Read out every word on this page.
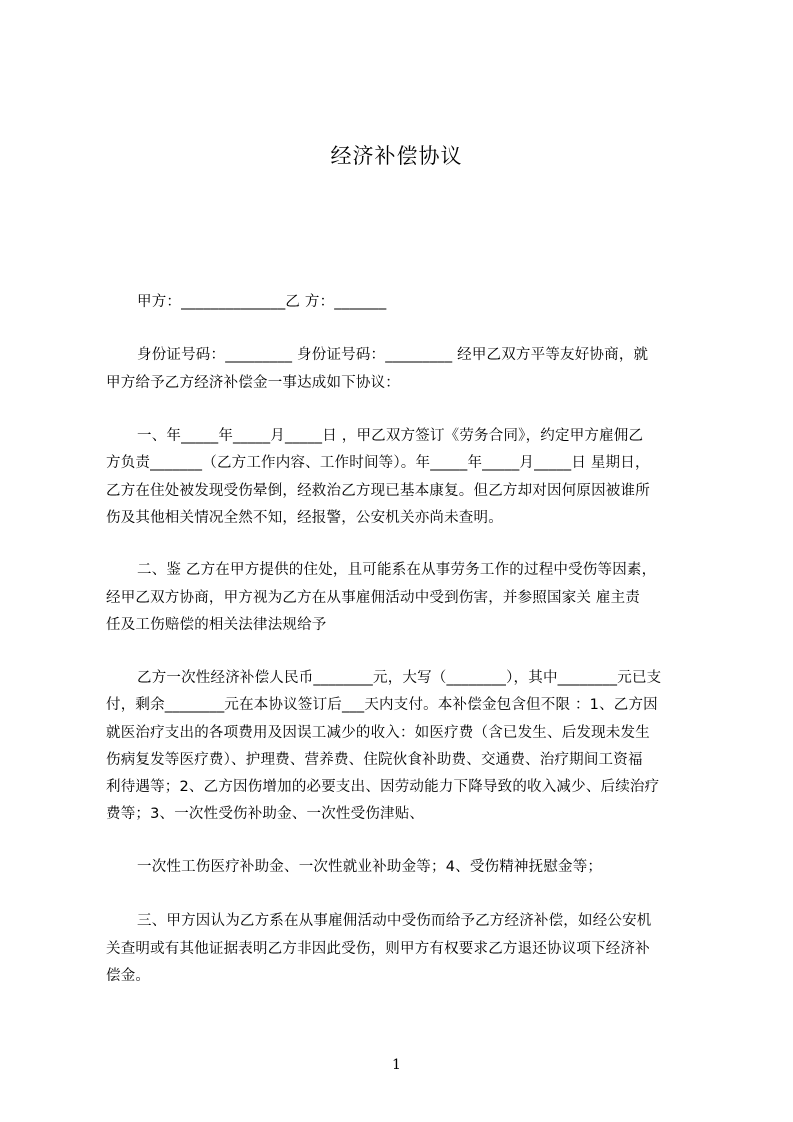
经济补偿协议
甲方：______________乙 方：_______
身份证号码：_________ 身份证号码：_________ 经甲乙双方平等友好协商，就
甲方给予乙方经济补偿金一事达成如下协议：
一、年_____年_____月_____日 ，甲乙双方签订《劳务合同》，约定甲方雇佣乙
方负责_______（乙方工作内容、工作时间等）。年_____年_____月_____日 星期日，
乙方在住处被发现受伤晕倒，经救治乙方现已基本康复。但乙方却对因何原因被谁所
伤及其他相关情况全然不知，经报警，公安机关亦尚未查明。
二、鉴 乙方在甲方提供的住处，且可能系在从事劳务工作的过程中受伤等因素，
经甲乙双方协商，甲方视为乙方在从事雇佣活动中受到伤害，并参照国家关 雇主责
任及工伤赔偿的相关法律法规给予
乙方一次性经济补偿人民币________元，大写（________），其中________元已支
付，剩余________元在本协议签订后___天内支付。本补偿金包含但不限 ：1、乙方因
就医治疗支出的各项费用及因误工减少的收入：如医疗费（含已发生、后发现未发生
伤病复发等医疗费）、护理费、营养费、住院伙食补助费、交通费、治疗期间工资福
利待遇等；2、乙方因伤增加的必要支出、因劳动能力下降导致的收入减少、后续治疗
费等；3、一次性受伤补助金、一次性受伤津贴、
一次性工伤医疗补助金、一次性就业补助金等；4、受伤精神抚慰金等；
三、甲方因认为乙方系在从事雇佣活动中受伤而给予乙方经济补偿，如经公安机
关查明或有其他证据表明乙方非因此受伤，则甲方有权要求乙方退还协议项下经济补
偿金。
1
